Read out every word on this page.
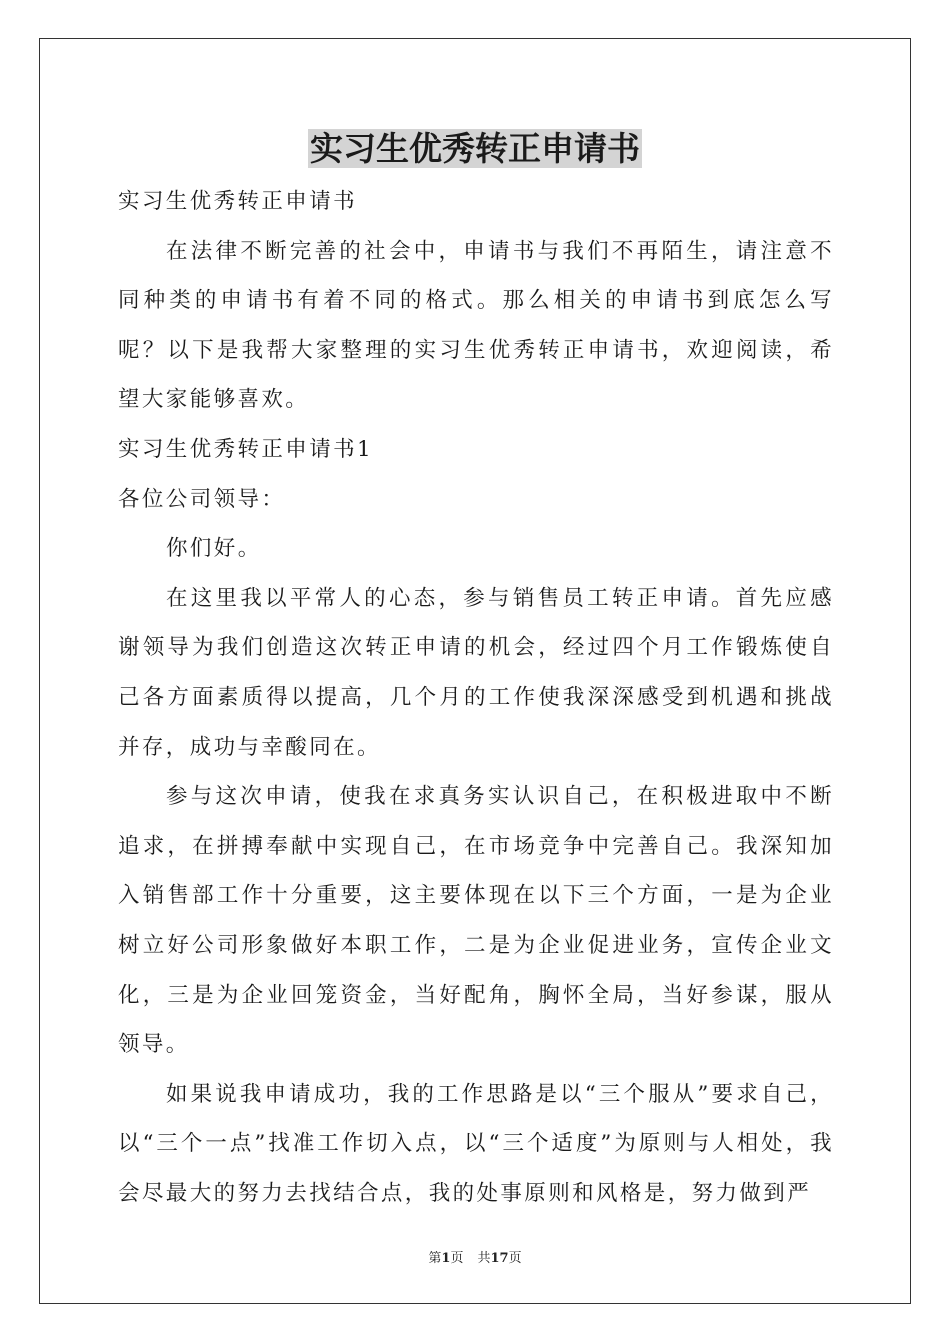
实习生优秀转正申请书

实习生优秀转正申请书

在法律不断完善的社会中，申请书与我们不再陌生，请注意不同种类的申请书有着不同的格式。那么相关的申请书到底怎么写呢？以下是我帮大家整理的实习生优秀转正申请书，欢迎阅读，希望大家能够喜欢。

实习生优秀转正申请书1

各位公司领导：

你们好。

在这里我以平常人的心态，参与销售员工转正申请。首先应感谢领导为我们创造这次转正申请的机会，经过四个月工作锻炼使自己各方面素质得以提高，几个月的工作使我深深感受到机遇和挑战并存，成功与幸酸同在。

参与这次申请，使我在求真务实认识自己，在积极进取中不断追求，在拼搏奉献中实现自己，在市场竞争中完善自己。我深知加入销售部工作十分重要，这主要体现在以下三个方面，一是为企业树立好公司形象做好本职工作，二是为企业促进业务，宣传企业文化，三是为企业回笼资金，当好配角，胸怀全局，当好参谋，服从领导。

如果说我申请成功，我的工作思路是以“三个服从”要求自己，以“三个一点”找准工作切入点，以“三个适度”为原则与人相处，我会尽最大的努力去找结合点，我的处事原则和风格是，努力做到严

第1页 共17页
